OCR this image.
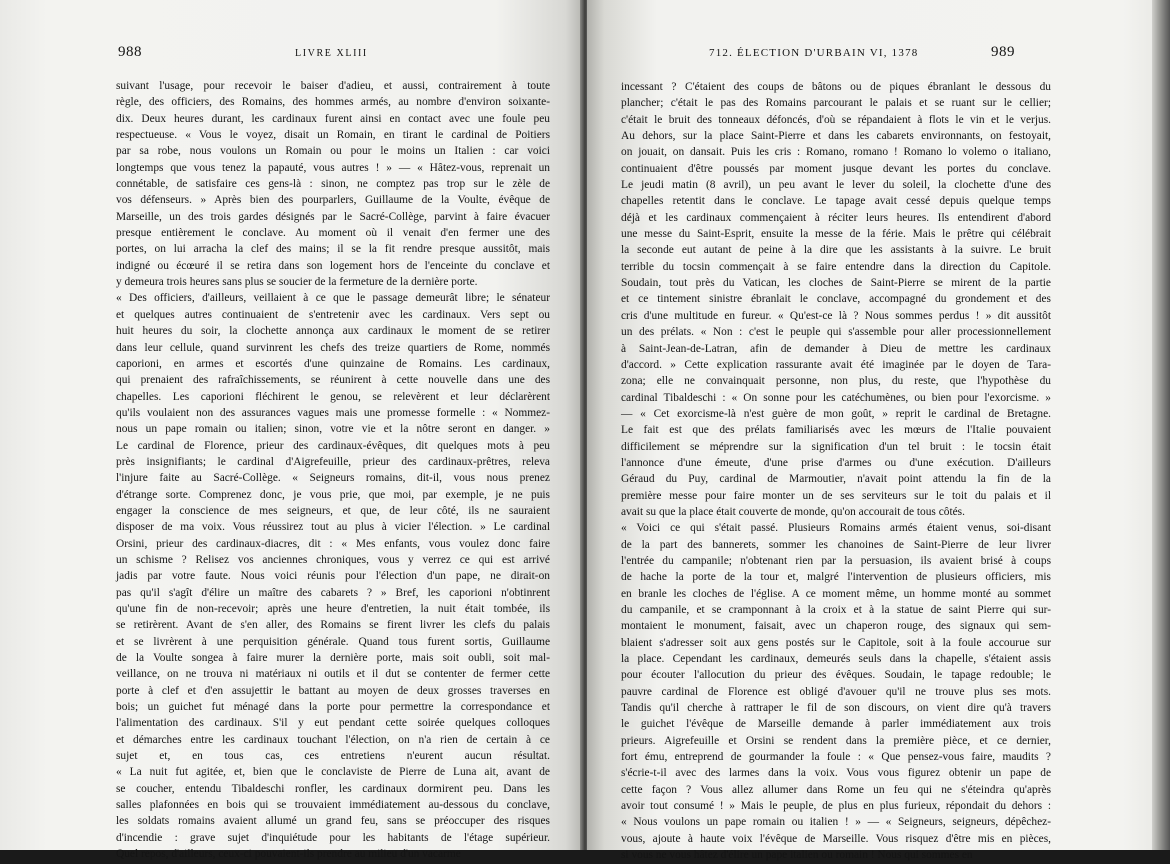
988	LIVRE XLIII
suivant l'usage, pour recevoir le baiser d'adieu, et aussi, contrairement à toute
règle, des officiers, des Romains, des hommes armés, au nombre d'environ soixante-
dix. Deux heures durant, les cardinaux furent ainsi en contact avec une foule peu
respectueuse. « Vous le voyez, disait un Romain, en tirant le cardinal de Poitiers
par sa robe, nous voulons un Romain ou pour le moins un Italien : car voici
longtemps que vous tenez la papauté, vous autres ! » — « Hâtez-vous, reprenait un
connétable, de satisfaire ces gens-là : sinon, ne comptez pas trop sur le zèle de
vos défenseurs. » Après bien des pourparlers, Guillaume de la Voulte, évêque de
Marseille, un des trois gardes désignés par le Sacré-Collège, parvint à faire évacuer
presque entièrement le conclave. Au moment où il venait d'en fermer une des
portes, on lui arracha la clef des mains; il se la fit rendre presque aussitôt, mais
indigné ou écœuré il se retira dans son logement hors de l'enceinte du conclave et
y demeura trois heures sans plus se soucier de la fermeture de la dernière porte.
« Des officiers, d'ailleurs, veillaient à ce que le passage demeurât libre; le sénateur
et quelques autres continuaient de s'entretenir avec les cardinaux. Vers sept ou
huit heures du soir, la clochette annonça aux cardinaux le moment de se retirer
dans leur cellule, quand survinrent les chefs des treize quartiers de Rome, nommés
caporioni, en armes et escortés d'une quinzaine de Romains. Les cardinaux,
qui prenaient des rafraîchissements, se réunirent à cette nouvelle dans une des
chapelles. Les caporioni fléchirent le genou, se relevèrent et leur déclarèrent
qu'ils voulaient non des assurances vagues mais une promesse formelle : « Nommez-
nous un pape romain ou italien; sinon, votre vie et la nôtre seront en danger. »
Le cardinal de Florence, prieur des cardinaux-évêques, dit quelques mots à peu
près insignifiants; le cardinal d'Aigrefeuille, prieur des cardinaux-prêtres, releva
l'injure faite au Sacré-Collège. « Seigneurs romains, dit-il, vous nous prenez
d'étrange sorte. Comprenez donc, je vous prie, que moi, par exemple, je ne puis
engager la conscience de mes seigneurs, et que, de leur côté, ils ne sauraient
disposer de ma voix. Vous réussirez tout au plus à vicier l'élection. » Le cardinal
Orsini, prieur des cardinaux-diacres, dit : « Mes enfants, vous voulez donc faire
un schisme ? Relisez vos anciennes chroniques, vous y verrez ce qui est arrivé
jadis par votre faute. Nous voici réunis pour l'élection d'un pape, ne dirait-on
pas qu'il s'agît d'élire un maître des cabarets ? » Bref, les caporioni n'obtinrent
qu'une fin de non-recevoir; après une heure d'entretien, la nuit était tombée, ils
se retirèrent. Avant de s'en aller, des Romains se firent livrer les clefs du palais
et se livrèrent à une perquisition générale. Quand tous furent sortis, Guillaume
de la Voulte songea à faire murer la dernière porte, mais soit oubli, soit mal-
veillance, on ne trouva ni matériaux ni outils et il dut se contenter de fermer cette
porte à clef et d'en assujettir le battant au moyen de deux grosses traverses en
bois; un guichet fut ménagé dans la porte pour permettre la correspondance et
l'alimentation des cardinaux. S'il y eut pendant cette soirée quelques colloques
et démarches entre les cardinaux touchant l'élection, on n'a rien de certain à ce
sujet et, en tous cas, ces entretiens n'eurent aucun résultat.
« La nuit fut agitée, et, bien que le conclaviste de Pierre de Luna ait, avant de
se coucher, entendu Tibaldeschi ronfler, les cardinaux dormirent peu. Dans les
salles plafonnées en bois qui se trouvaient immédiatement au-dessous du conclave,
les soldats romains avaient allumé un grand feu, sans se préoccuper des risques
d'incendie : grave sujet d'inquiétude pour les habitants de l'étage supérieur.
Quel repos, d'ailleurs, ceux-ci pouvaient-ils prendre au milieu d'un vacarme
712. ÉLECTION D'URBAIN VI, 1378	989
incessant ? C'étaient des coups de bâtons ou de piques ébranlant le dessous du
plancher; c'était le pas des Romains parcourant le palais et se ruant sur le cellier;
c'était le bruit des tonneaux défoncés, d'où se répandaient à flots le vin et le verjus.
Au dehors, sur la place Saint-Pierre et dans les cabarets environnants, on festoyait,
on jouait, on dansait. Puis les cris : Romano, romano ! Romano lo volemo o italiano,
continuaient d'être poussés par moment jusque devant les portes du conclave.
Le jeudi matin (8 avril), un peu avant le lever du soleil, la clochette d'une des
chapelles retentit dans le conclave. Le tapage avait cessé depuis quelque temps
déjà et les cardinaux commençaient à réciter leurs heures. Ils entendirent d'abord
une messe du Saint-Esprit, ensuite la messe de la férie. Mais le prêtre qui célébrait
la seconde eut autant de peine à la dire que les assistants à la suivre. Le bruit
terrible du tocsin commençait à se faire entendre dans la direction du Capitole.
Soudain, tout près du Vatican, les cloches de Saint-Pierre se mirent de la partie
et ce tintement sinistre ébranlait le conclave, accompagné du grondement et des
cris d'une multitude en fureur. « Qu'est-ce là ? Nous sommes perdus ! » dit aussitôt
un des prélats. « Non : c'est le peuple qui s'assemble pour aller processionnellement
à Saint-Jean-de-Latran, afin de demander à Dieu de mettre les cardinaux
d'accord. » Cette explication rassurante avait été imaginée par le doyen de Tara-
zona; elle ne convainquait personne, non plus, du reste, que l'hypothèse du
cardinal Tibaldeschi : « On sonne pour les catéchumènes, ou bien pour l'exorcisme. »
— « Cet exorcisme-là n'est guère de mon goût, » reprit le cardinal de Bretagne.
Le fait est que des prélats familiarisés avec les mœurs de l'Italie pouvaient
difficilement se méprendre sur la signification d'un tel bruit : le tocsin était
l'annonce d'une émeute, d'une prise d'armes ou d'une exécution. D'ailleurs
Géraud du Puy, cardinal de Marmoutier, n'avait point attendu la fin de la
première messe pour faire monter un de ses serviteurs sur le toit du palais et il
avait su que la place était couverte de monde, qu'on accourait de tous côtés.
« Voici ce qui s'était passé. Plusieurs Romains armés étaient venus, soi-disant
de la part des bannerets, sommer les chanoines de Saint-Pierre de leur livrer
l'entrée du campanile; n'obtenant rien par la persuasion, ils avaient brisé à coups
de hache la porte de la tour et, malgré l'intervention de plusieurs officiers, mis
en branle les cloches de l'église. A ce moment même, un homme monté au sommet
du campanile, et se cramponnant à la croix et à la statue de saint Pierre qui sur-
montaient le monument, faisait, avec un chaperon rouge, des signaux qui sem-
blaient s'adresser soit aux gens postés sur le Capitole, soit à la foule accourue sur
la place. Cependant les cardinaux, demeurés seuls dans la chapelle, s'étaient assis
pour écouter l'allocution du prieur des évêques. Soudain, le tapage redouble; le
pauvre cardinal de Florence est obligé d'avouer qu'il ne trouve plus ses mots.
Tandis qu'il cherche à rattraper le fil de son discours, on vient dire qu'à travers
le guichet l'évêque de Marseille demande à parler immédiatement aux trois
prieurs. Aigrefeuille et Orsini se rendent dans la première pièce, et ce dernier,
fort ému, entreprend de gourmander la foule : « Que pensez-vous faire, maudits ?
s'écrie-t-il avec des larmes dans la voix. Vous vous figurez obtenir un pape de
cette façon ? Vous allez allumer dans Rome un feu qui ne s'éteindra qu'après
avoir tout consumé ! » Mais le peuple, de plus en plus furieux, répondait du dehors :
« Nous voulons un pape romain ou italien ! » — « Seigneurs, seigneurs, dépêchez-
vous, ajoute à haute voix l'évêque de Marseille. Vous risquez d'être mis en pièces,
si vous ne vous hâtez d'élire un pape italien ou romain ! Nous qui sommes en
